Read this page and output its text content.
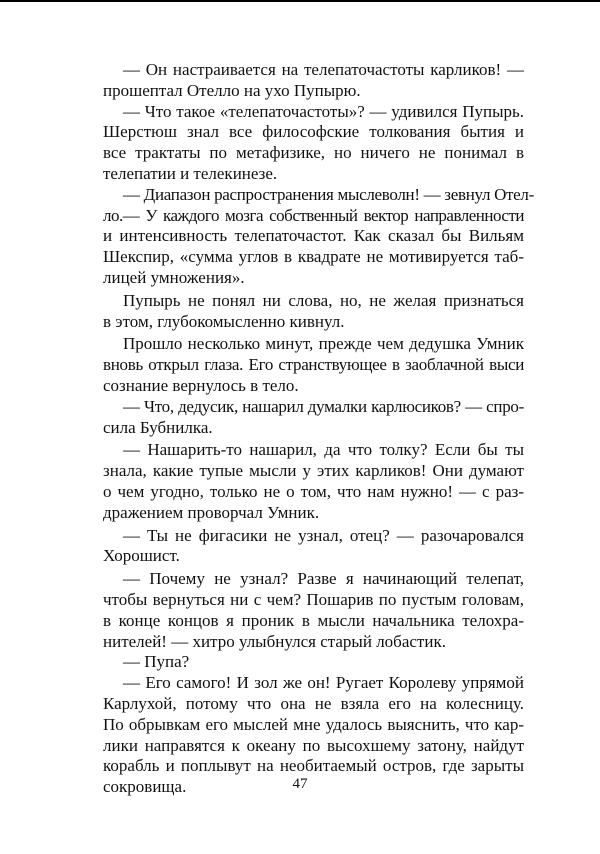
— Он настраивается на телепаточастоты карликов! —
прошептал Отелло на ухо Пупырю.
— Что такое «телепаточастоты»? — удивился Пупырь.
Шерстюш знал все философские толкования бытия и
все трактаты по метафизике, но ничего не понимал в
телепатии и телекинезе.
— Диапазон распространения мыслеволн! — зевнул Отел-
ло.— У каждого мозга собственный вектор направленности
и интенсивность телепаточастот. Как сказал бы Вильям
Шекспир, «сумма углов в квадрате не мотивируется таб-
лицей умножения».
Пупырь не понял ни слова, но, не желая признаться
в этом, глубокомысленно кивнул.
Прошло несколько минут, прежде чем дедушка Умник
вновь открыл глаза. Его странствующее в заоблачной выси
сознание вернулось в тело.
— Что, дедусик, нашарил думалки карлюсиков? — спро-
сила Бубнилка.
— Нашарить-то нашарил, да что толку? Если бы ты
знала, какие тупые мысли у этих карликов! Они думают
о чем угодно, только не о том, что нам нужно! — с раз-
дражением проворчал Умник.
— Ты не фигасики не узнал, отец? — разочаровался
Хорошист.
— Почему не узнал? Разве я начинающий телепат,
чтобы вернуться ни с чем? Пошарив по пустым головам,
в конце концов я проник в мысли начальника телохра-
нителей! — хитро улыбнулся старый лобастик.
— Пупа?
— Его самого! И зол же он! Ругает Королеву упрямой
Карлухой, потому что она не взяла его на колесницу.
По обрывкам его мыслей мне удалось выяснить, что кар-
лики направятся к океану по высохшему затону, найдут
корабль и поплывут на необитаемый остров, где зарыты
сокровища.	47
